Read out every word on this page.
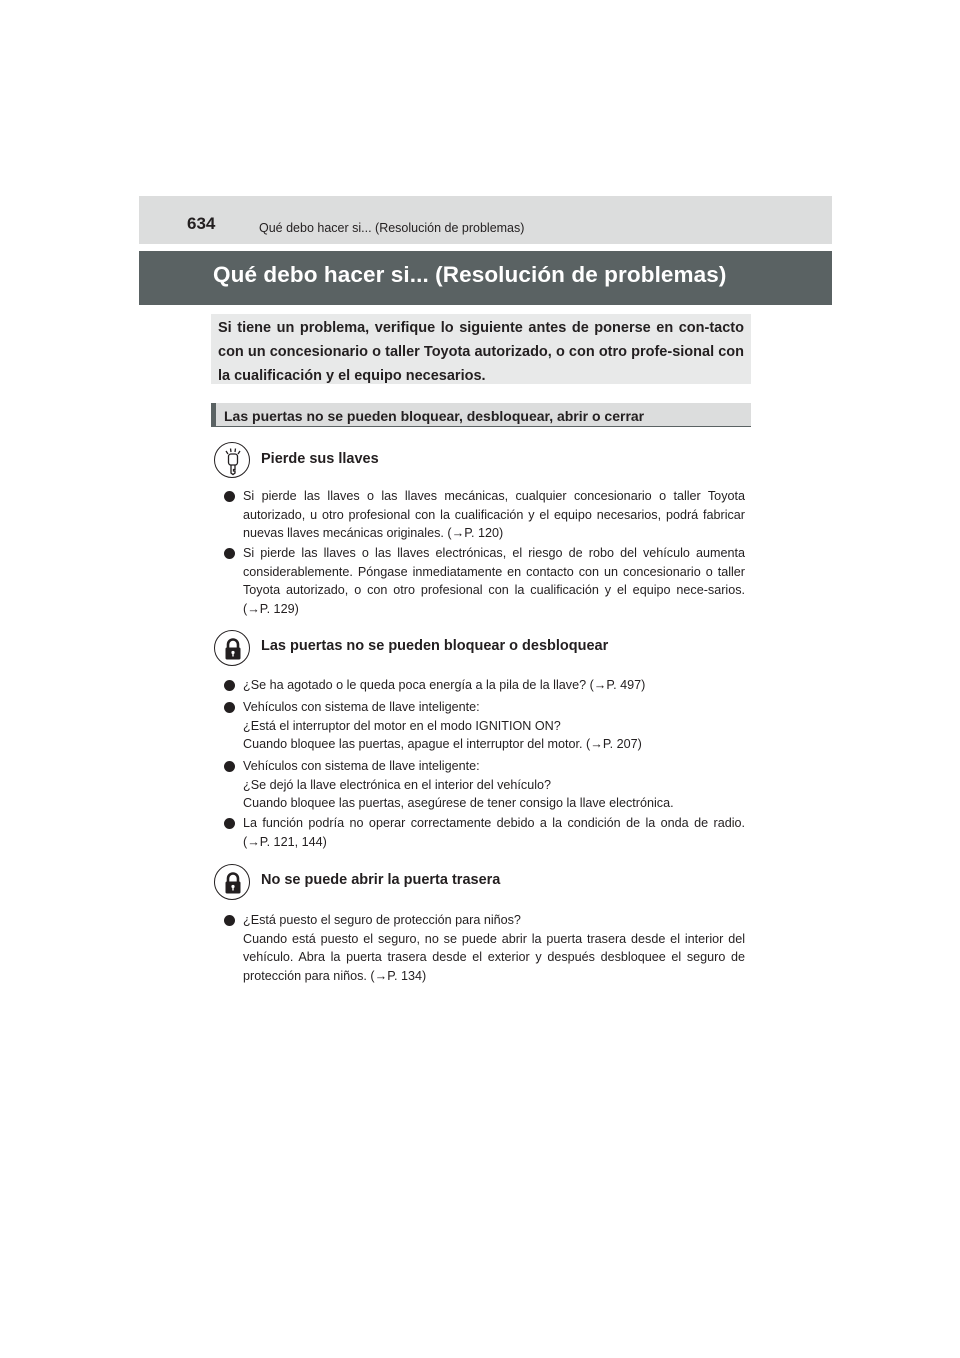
634	Qué debo hacer si... (Resolución de problemas)
Qué debo hacer si... (Resolución de problemas)
Si tiene un problema, verifique lo siguiente antes de ponerse en con-tacto con un concesionario o taller Toyota autorizado, o con otro profe-sional con la cualificación y el equipo necesarios.
Las puertas no se pueden bloquear, desbloquear, abrir o cerrar
Pierde sus llaves
Si pierde las llaves o las llaves mecánicas, cualquier concesionario o taller Toyota autorizado, u otro profesional con la cualificación y el equipo necesarios, podrá fabricar nuevas llaves mecánicas originales. (→P. 120)
Si pierde las llaves o las llaves electrónicas, el riesgo de robo del vehículo aumenta considerablemente. Póngase inmediatamente en contacto con un concesionario o taller Toyota autorizado, o con otro profesional con la cualificación y el equipo nece-sarios. (→P. 129)
Las puertas no se pueden bloquear o desbloquear
¿Se ha agotado o le queda poca energía a la pila de la llave? (→P. 497)
Vehículos con sistema de llave inteligente:
¿Está el interruptor del motor en el modo IGNITION ON?
Cuando bloquee las puertas, apague el interruptor del motor. (→P. 207)
Vehículos con sistema de llave inteligente:
¿Se dejó la llave electrónica en el interior del vehículo?
Cuando bloquee las puertas, asegúrese de tener consigo la llave electrónica.
La función podría no operar correctamente debido a la condición de la onda de radio. (→P. 121, 144)
No se puede abrir la puerta trasera
¿Está puesto el seguro de protección para niños?
Cuando está puesto el seguro, no se puede abrir la puerta trasera desde el interior del vehículo. Abra la puerta trasera desde el exterior y después desbloquee el seguro de protección para niños. (→P. 134)
